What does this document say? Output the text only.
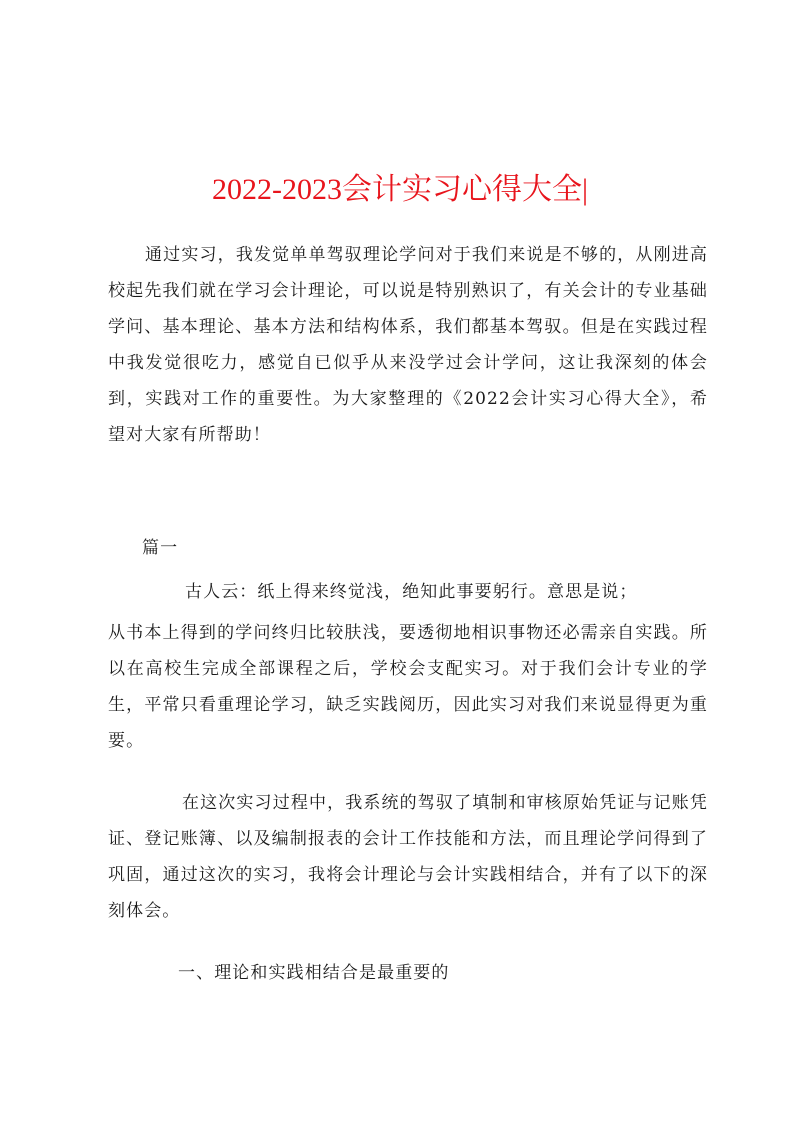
2022-2023会计实习心得大全|

通过实习，我发觉单单驾驭理论学问对于我们来说是不够的，从刚进高校起先我们就在学习会计理论，可以说是特别熟识了，有关会计的专业基础学问、基本理论、基本方法和结构体系，我们都基本驾驭。但是在实践过程中我发觉很吃力，感觉自已似乎从来没学过会计学问，这让我深刻的体会到，实践对工作的重要性。为大家整理的《2022会计实习心得大全》，希望对大家有所帮助！

篇一

古人云：纸上得来终觉浅，绝知此事要躬行。意思是说；

从书本上得到的学问终归比较肤浅，要透彻地相识事物还必需亲自实践。所以在高校生完成全部课程之后，学校会支配实习。对于我们会计专业的学生，平常只看重理论学习，缺乏实践阅历，因此实习对我们来说显得更为重要。

在这次实习过程中，我系统的驾驭了填制和审核原始凭证与记账凭证、登记账簿、以及编制报表的会计工作技能和方法，而且理论学问得到了巩固，通过这次的实习，我将会计理论与会计实践相结合，并有了以下的深刻体会。

一、理论和实践相结合是最重要的
